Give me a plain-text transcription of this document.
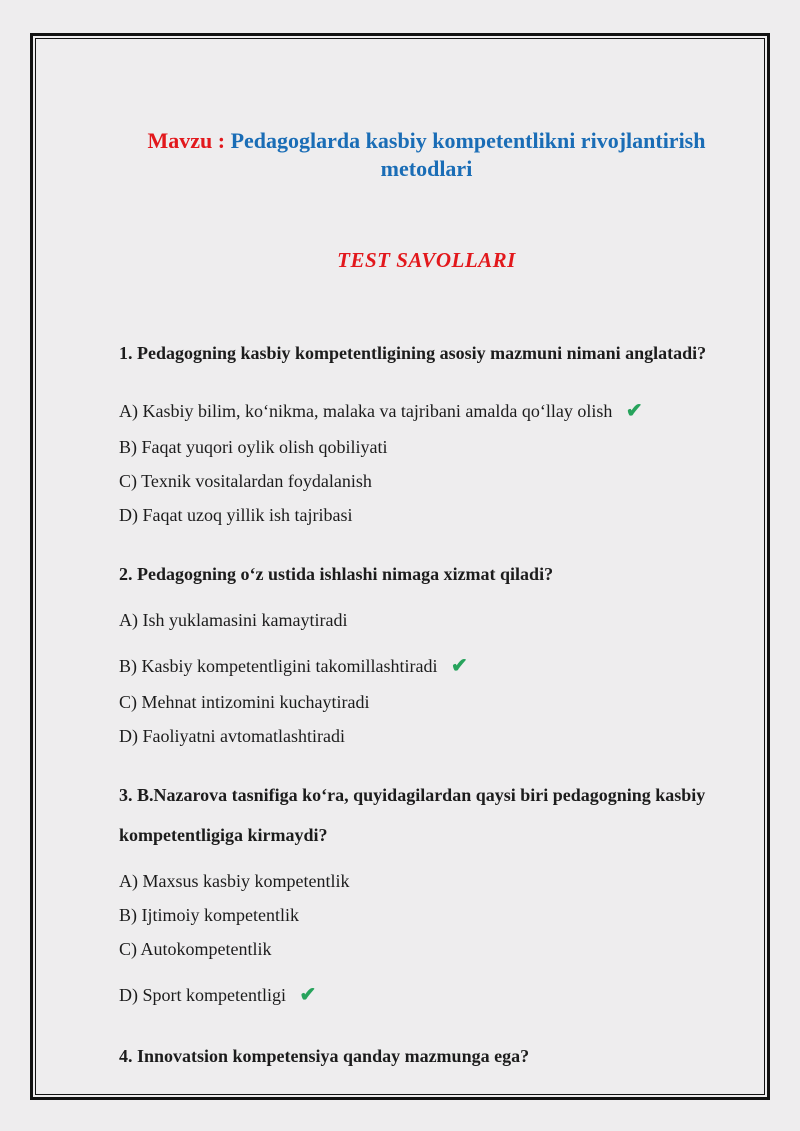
Mavzu : Pedagoglarda kasbiy kompetentlikni rivojlantirish metodlari
TEST SAVOLLARI

1. Pedagogning kasbiy kompetentligining asosiy mazmuni nimani anglatadi?

A) Kasbiy bilim, koʻnikma, malaka va tajribani amalda qoʻllay olish ✔

B) Faqat yuqori oylik olish qobiliyati

C) Texnik vositalardan foydalanish

D) Faqat uzoq yillik ish tajribasi

2. Pedagogning oʻz ustida ishlashi nimaga xizmat qiladi?

A) Ish yuklamasini kamaytiradi

B) Kasbiy kompetentligini takomillashtiradi ✔

C) Mehnat intizomini kuchaytiradi

D) Faoliyatni avtomatlashtiradi

3. B.Nazarova tasnifiga koʻra, quyidagilardan qaysi biri pedagogning kasbiy kompetentligiga kirmaydi?

A) Maxsus kasbiy kompetentlik

B) Ijtimoiy kompetentlik

C) Autokompetentlik

D) Sport kompetentligi ✔

4. Innovatsion kompetensiya qanday mazmunga ega?
